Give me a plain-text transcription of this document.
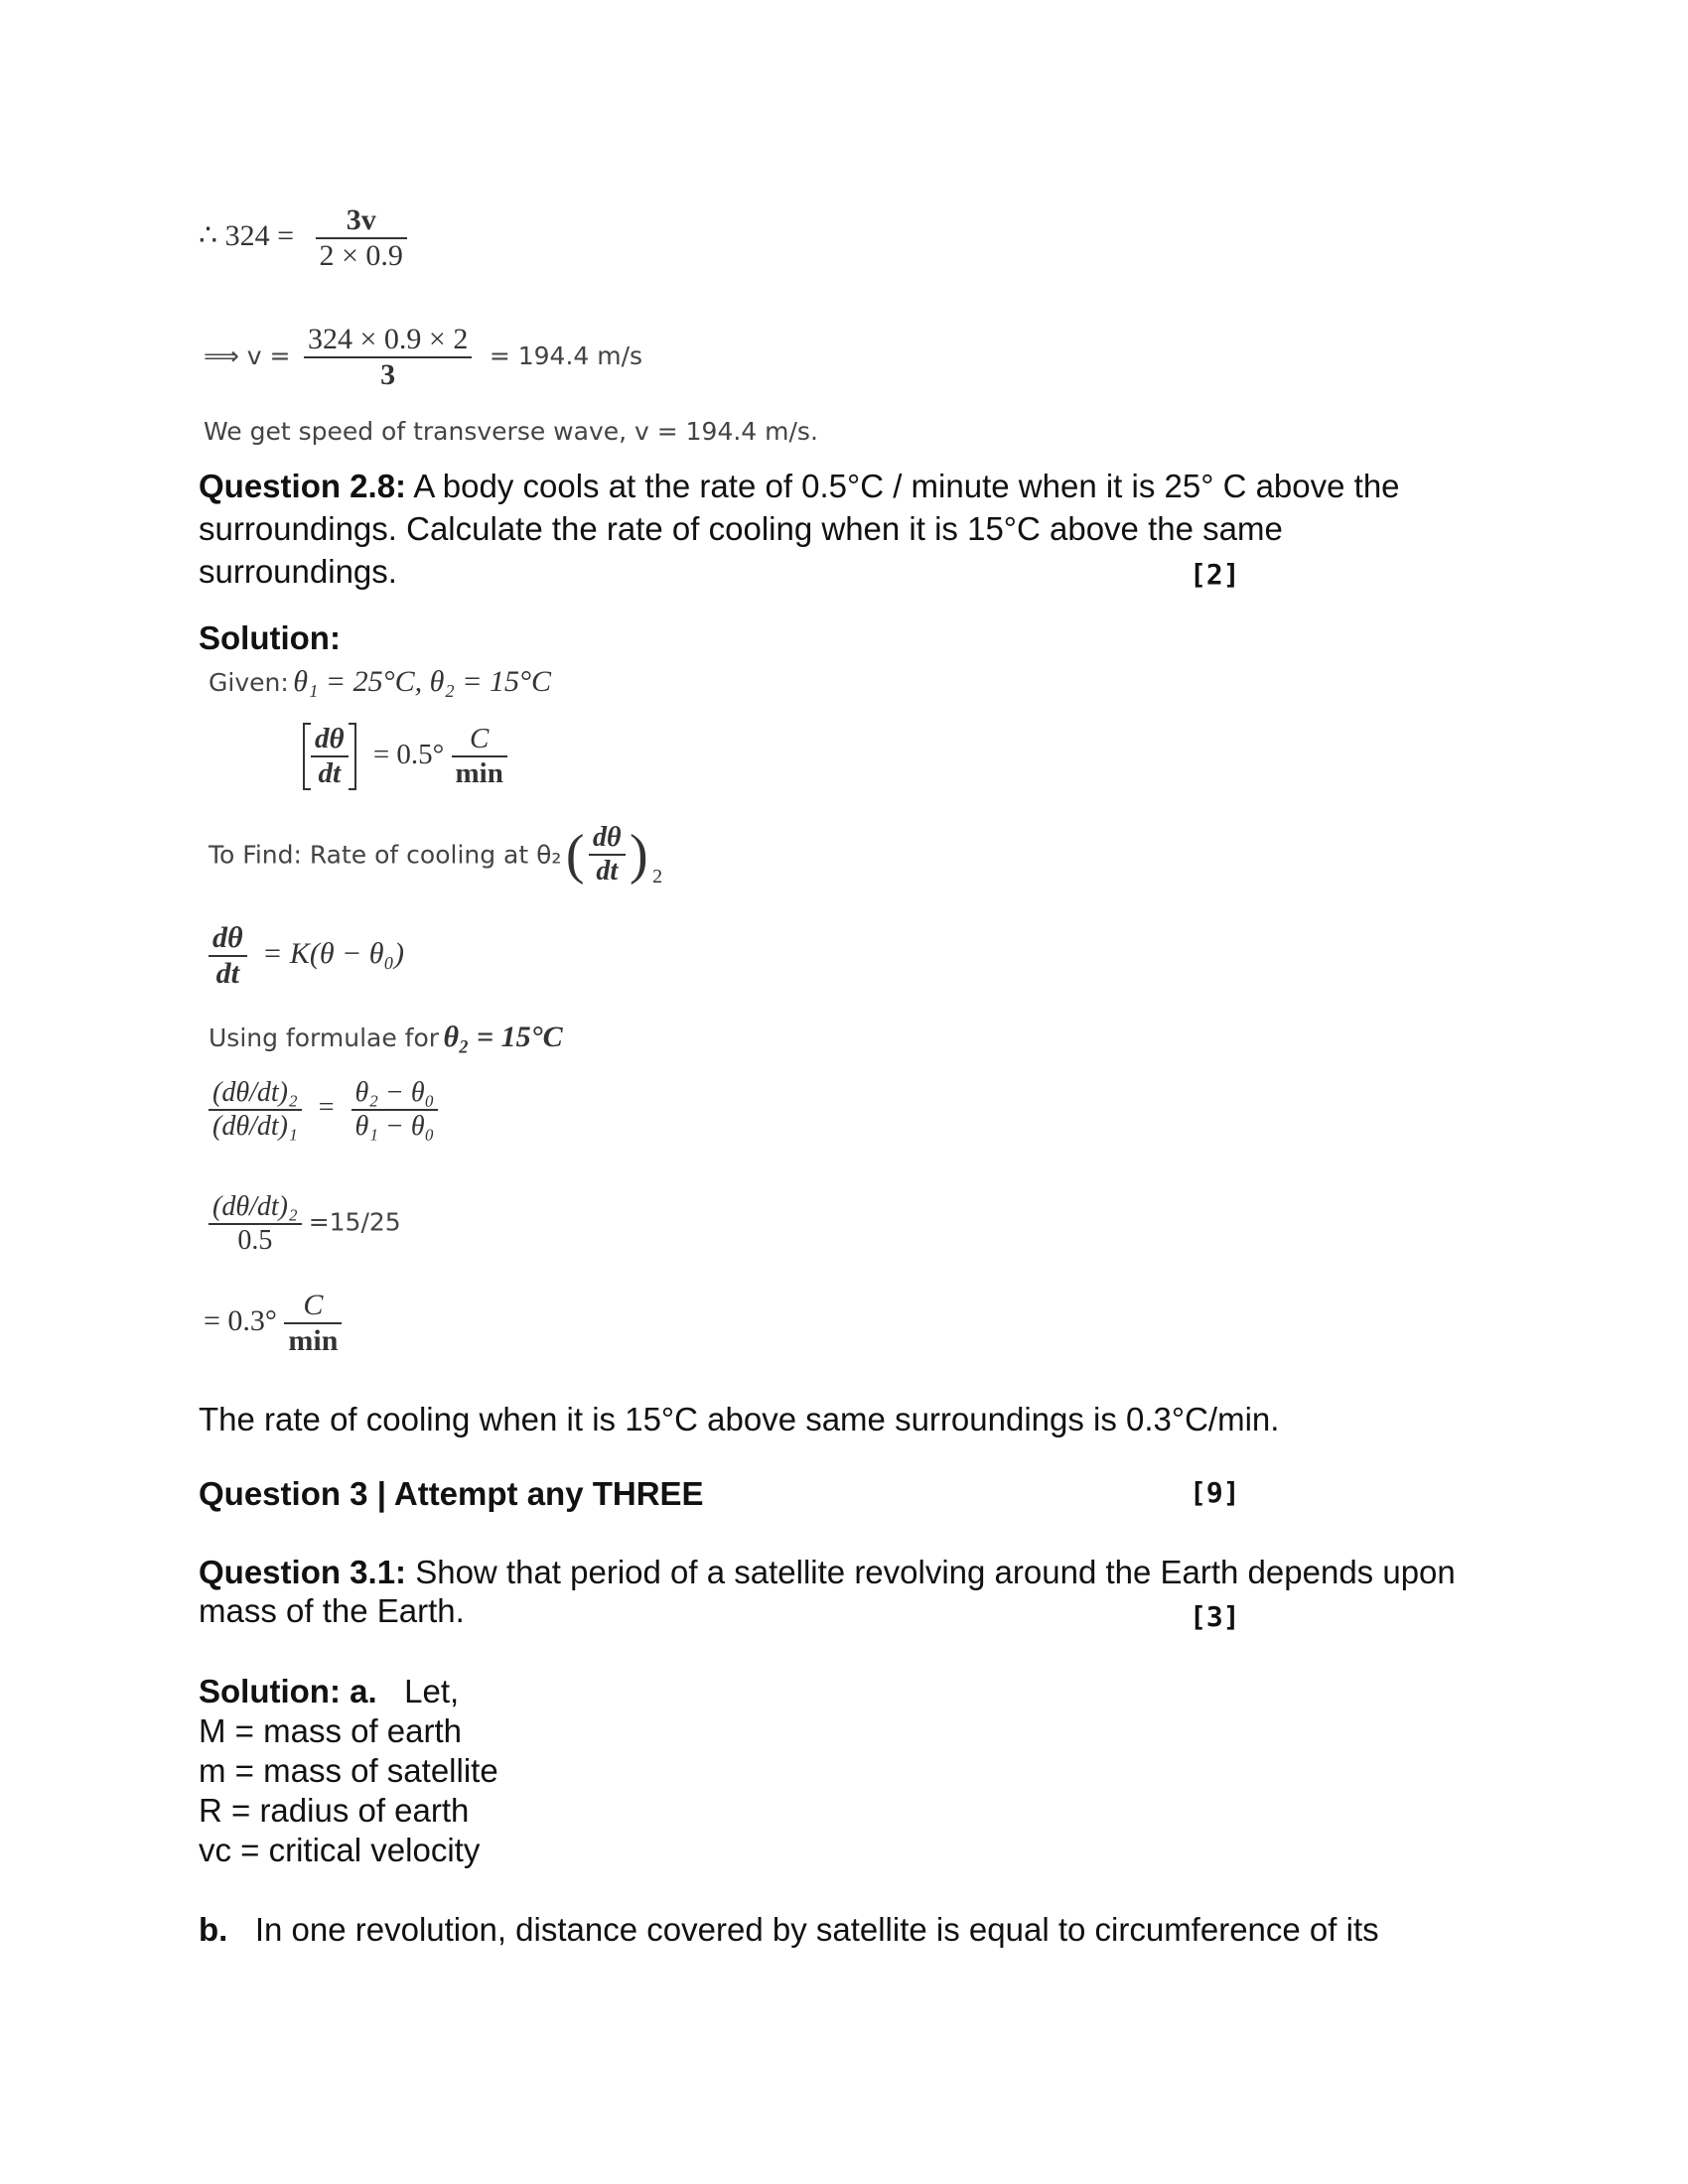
∴ $324 = \frac{3v}{2 \times 0.9}$
⟹ $v = \frac{324 \times 0.9 \times 2}{3} = 194.4$ m/s
We get speed of transverse wave, v = 194.4 m/s.
Question 2.8: A body cools at the rate of 0.5°C / minute when it is 25° C above the
surroundings. Calculate the rate of cooling when it is 15°C above the same
surroundings.	[2]
Solution:
Given: θ₁ = 25°C, θ₂ = 15°C
$\frac{d\theta}{dt} = 0.5^\circ \frac{C}{\min}$
To Find: Rate of cooling at θ₂ ( $\frac{d\theta}{dt}$ ) 2
$\frac{d\theta}{dt} = K(\theta - \theta_0)$
Using formulae for θ₂ = 15°C
$\frac{\text{(dθ/dt)₂}}{\text{(dθ/dt)₁}} = \frac{\text{θ₂ − θ₀}}{\text{θ₁ − θ₀}}$
$\frac{\text{(dθ/dt)₂}}{0.5} =15/25$
= $0.3^\circ \frac{C}{\min}$
The rate of cooling when it is 15°C above same surroundings is 0.3°C/min.
Question 3 | Attempt any THREE	[9]
Question 3.1: Show that period of a satellite revolving around the Earth depends upon
mass of the Earth.	[3]
Solution: a. Let,
M = mass of earth
m = mass of satellite
R = radius of earth
vc = critical velocity
b. In one revolution, distance covered by satellite is equal to circumference of its
